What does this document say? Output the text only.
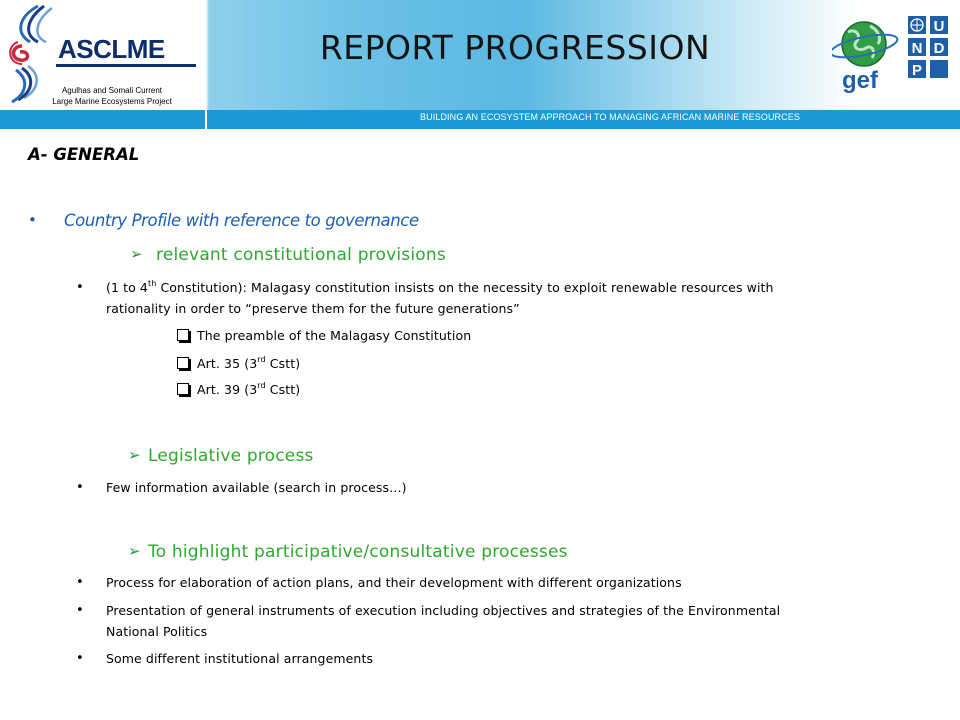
ASCLME
Agulhas and Somali Current
Large Marine Ecosystems Project
REPORT PROGRESSION
gef
U
N D
P
BUILDING AN ECOSYSTEM APPROACH TO MANAGING AFRICAN MARINE RESOURCES
A- GENERAL
• Country Profile with reference to governance
➢ relevant constitutional provisions
• (1 to 4th Constitution): Malagasy constitution insists on the necessity to exploit renewable resources with
rationality in order to “preserve them for the future generations”
The preamble of the Malagasy Constitution
Art. 35 (3rd Cstt)
Art. 39 (3rd Cstt)
➢ Legislative process
• Few information available (search in process…)
➢ To highlight participative/consultative processes
• Process for elaboration of action plans, and their development with different organizations
• Presentation of general instruments of execution including objectives and strategies of the Environmental
National Politics
• Some different institutional arrangements
